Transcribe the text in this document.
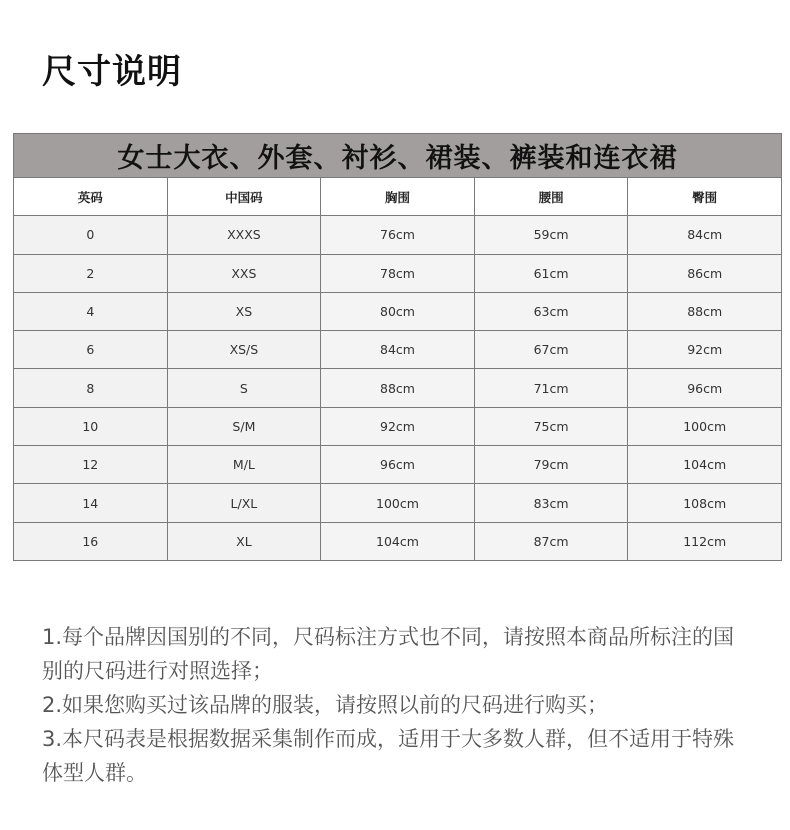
尺寸说明
女士大衣、外套、衬衫、裙装、裤装和连衣裙				
英码	中国码	胸围	腰围	臀围
0	XXXS	76cm	59cm	84cm
2	XXS	78cm	61cm	86cm
4	XS	80cm	63cm	88cm
6	XS/S	84cm	67cm	92cm
8	S	88cm	71cm	96cm
10	S/M	92cm	75cm	100cm
12	M/L	96cm	79cm	104cm
14	L/XL	100cm	83cm	108cm
16	XL	104cm	87cm	112cm
1.每个品牌因国别的不同，尺码标注方式也不同，请按照本商品所标注的国别的尺码进行对照选择；
2.如果您购买过该品牌的服装，请按照以前的尺码进行购买；
3.本尺码表是根据数据采集制作而成，适用于大多数人群，但不适用于特殊体型人群。
